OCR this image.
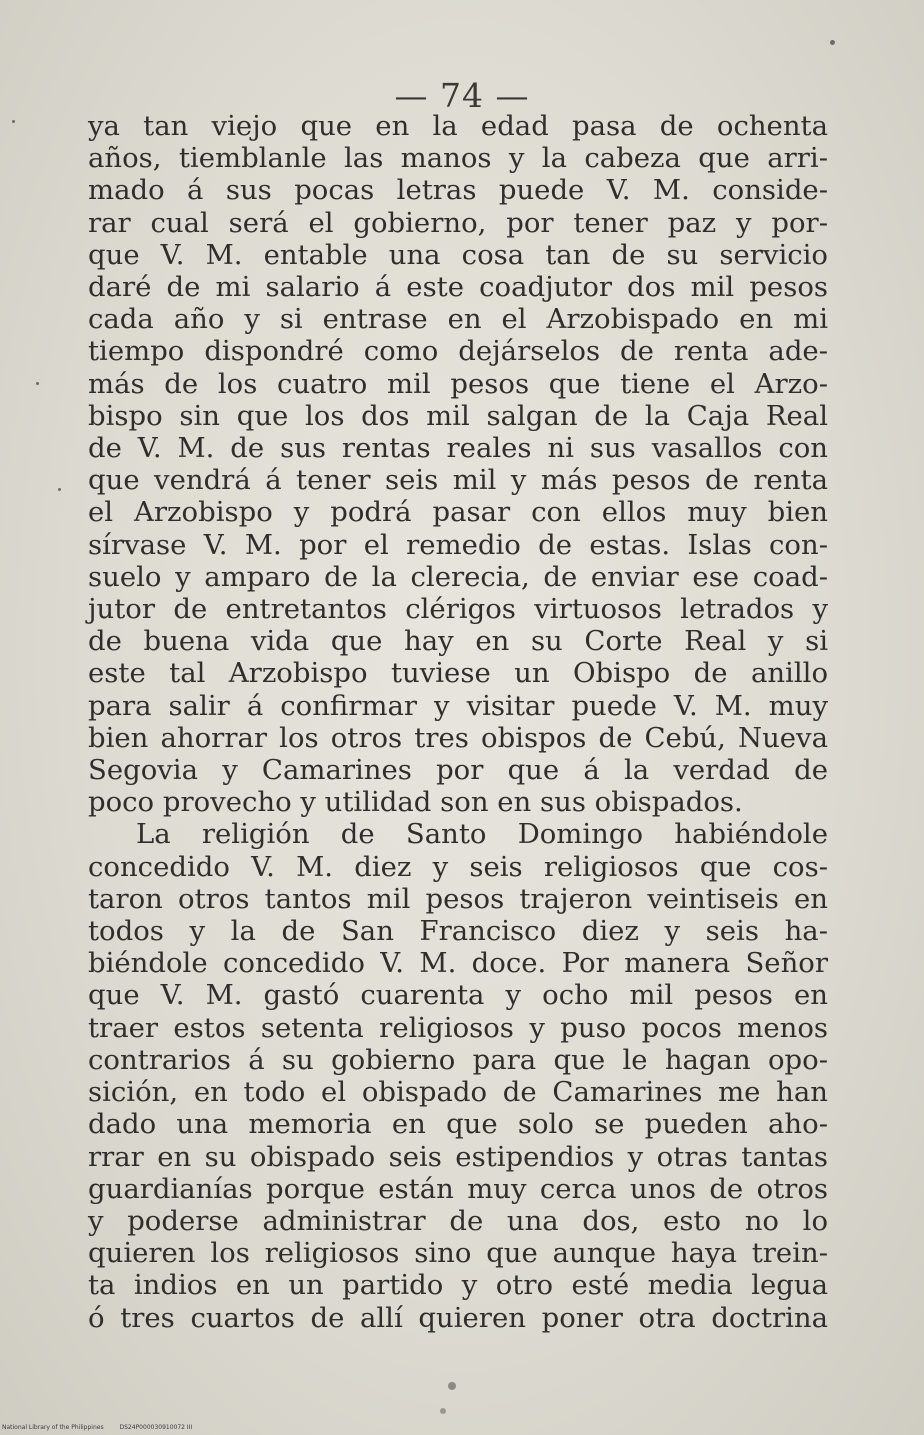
— 74 —
ya tan viejo que en la edad pasa de ochenta
años, tiemblanle las manos y la cabeza que arri-
mado á sus pocas letras puede V. M. conside-
rar cual será el gobierno, por tener paz y por-
que V. M. entable una cosa tan de su servicio
daré de mi salario á este coadjutor dos mil pesos
cada año y si entrase en el Arzobispado en mi
tiempo dispondré como dejárselos de renta ade-
más de los cuatro mil pesos que tiene el Arzo-
bispo sin que los dos mil salgan de la Caja Real
de V. M. de sus rentas reales ni sus vasallos con
que vendrá á tener seis mil y más pesos de renta
el Arzobispo y podrá pasar con ellos muy bien
sírvase V. M. por el remedio de estas. Islas con-
suelo y amparo de la clerecia, de enviar ese coad-
jutor de entretantos clérigos virtuosos letrados y
de buena vida que hay en su Corte Real y si
este tal Arzobispo tuviese un Obispo de anillo
para salir á confirmar y visitar puede V. M. muy
bien ahorrar los otros tres obispos de Cebú, Nueva
Segovia y Camarines por que á la verdad de
poco provecho y utilidad son en sus obispados.
La religión de Santo Domingo habiéndole
concedido V. M. diez y seis religiosos que cos-
taron otros tantos mil pesos trajeron veintiseis en
todos y la de San Francisco diez y seis ha-
biéndole concedido V. M. doce. Por manera Señor
que V. M. gastó cuarenta y ocho mil pesos en
traer estos setenta religiosos y puso pocos menos
contrarios á su gobierno para que le hagan opo-
sición, en todo el obispado de Camarines me han
dado una memoria en que solo se pueden aho-
rrar en su obispado seis estipendios y otras tantas
guardianías porque están muy cerca unos de otros
y poderse administrar de una dos, esto no lo
quieren los religiosos sino que aunque haya trein-
ta indios en un partido y otro esté media legua
ó tres cuartos de allí quieren poner otra doctrina
National Library of the Philippines	DS24P000030910072 III
